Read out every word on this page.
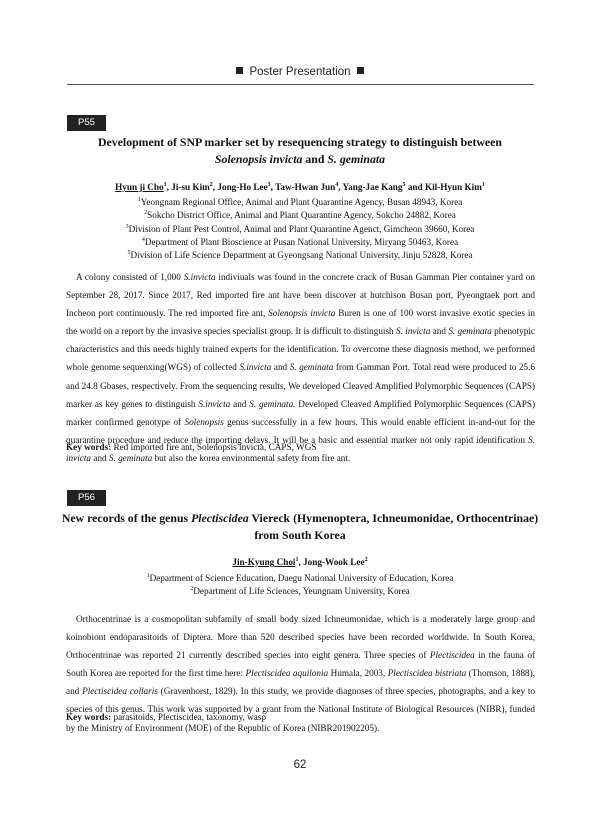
Poster Presentation
P55
Development of SNP marker set by resequencing strategy to distinguish between
Solenopsis invicta and S. geminata
Hyun ji Cho$^1$, Ji-su Kim$^2$, Jong-Ho Lee$^3$, Taw-Hwan Jun$^4$, Yang-Jae Kang$^5$ and Kil-Hyun Kim$^1$
$^1$Yeongnam Regional Office, Animal and Plant Quarantine Agency, Busan 48943, Korea
$^2$Sokcho District Office, Animal and Plant Quarantine Agency, Sokcho 24882, Korea
$^3$Division of Plant Pest Control, Animal and Plant Quarantine Agenct, Gimcheon 39660, Korea
$^4$Department of Plant Bioscience at Pusan National University, Miryang 50463, Korea
$^5$Division of Life Science Department at Gyeongsang National University, Jinju 52828, Korea
A colony consisted of 1,000 S.invicta indiviuals was found in the concrete crack of Busan Gamman Pier container yard on September 28, 2017. Since 2017, Red imported fire ant have been discover at hutchison Busan port, Pyeongtaek port and Incheon port continuously. The red imported fire ant, Solenopsis invicta Buren is one of 100 worst invasive exotic species in the world on a report by the invasive species specialist group. It is difficult to distinguish S. invicta and S. geminata phenotypic characteristics and this needs highly trained experts for the identification. To overcome these diagnosis method, we performed whole genome sequenxing(WGS) of collected S.invicta and S. geminata from Gamman Port. Total read were produced to 25.6 and 24.8 Gbases, respectively. From the sequencing results, We developed Cleaved Amplified Polymorphic Sequences (CAPS) marker as key genes to distinguish S.invicta and S. geminata. Developed Cleaved Amplified Polymorphic Sequences (CAPS) marker confirmed genotype of Solenopsis genus successfully in a few hours. This would enable efficient in-and-out for the quarantine procedure and reduce the importing delays. It will be a basic and essential marker not only rapid identification S. invicta and S. geminata but also the korea environmental safety from fire ant.
Key words: Red imported fire ant, Solenopsis invicta, CAPS, WGS
P56
New records of the genus Plectiscidea Viereck (Hymenoptera, Ichneumonidae, Orthocentrinae)
from South Korea
Jin-Kyung Choi$^1$, Jong-Wook Lee$^2$
$^1$Department of Science Education, Daegu National University of Education, Korea
$^2$Department of Life Sciences, Yeungnam University, Korea
Orthocentrinae is a cosmopolitan subfamily of small body sized Ichneumonidae, which is a moderately large group and koinobiont endoparasitoids of Diptera. More than 520 described species have been recorded worldwide. In South Korea, Orthocentrinae was reported 21 currently described species into eight genera. Three species of Plectiscidea in the fauna of South Korea are reported for the first time here: Plectiscidea aquilonia Humala, 2003, Plectiscidea bistriata (Thomson, 1888), and Plectiscidea collaris (Gravenhorst, 1829). In this study, we provide diagnoses of three species, photographs, and a key to species of this genus. This work was supported by a grant from the National Institute of Biological Resources (NIBR), funded by the Ministry of Environment (MOE) of the Republic of Korea (NIBR201902205).
Key words: parasitoids, Plectiscidea, taxonomy, wasp
62
